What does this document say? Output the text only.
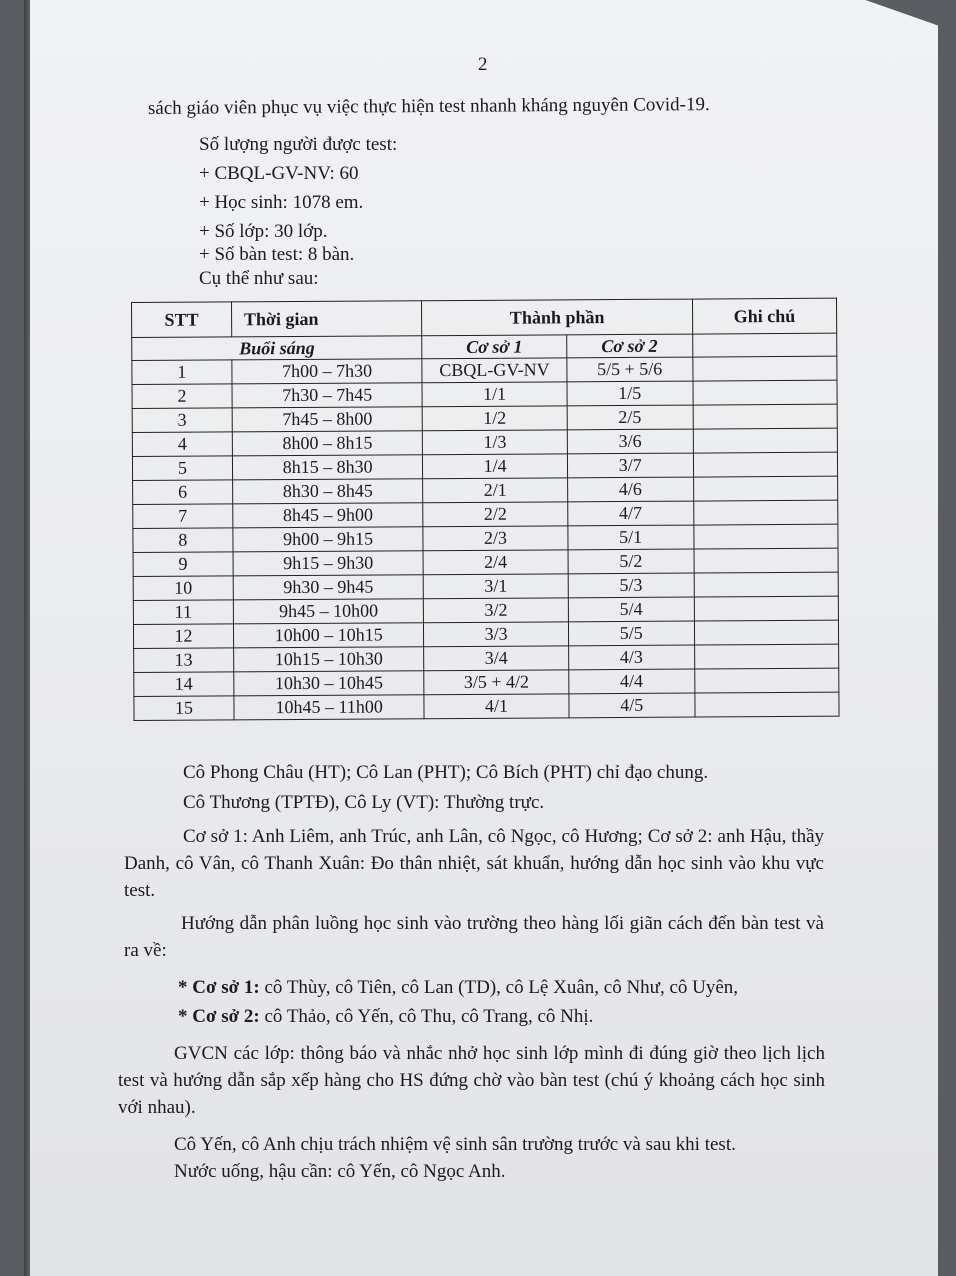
2
sách giáo viên phục vụ việc thực hiện test nhanh kháng nguyên Covid-19.
Số lượng người được test:
+ CBQL-GV-NV: 60
+ Học sinh: 1078 em.
+ Số lớp: 30 lớp.
+ Số bàn test: 8 bàn.
Cụ thể như sau:
STT	Thời gian	Thành phần		Ghi chú
Buổi sáng		Cơ sở 1	Cơ sở 2	
1	7h00 – 7h30	CBQL-GV-NV	5/5 + 5/6	
2	7h30 – 7h45	1/1	1/5	
3	7h45 – 8h00	1/2	2/5	
4	8h00 – 8h15	1/3	3/6	
5	8h15 – 8h30	1/4	3/7	
6	8h30 – 8h45	2/1	4/6	
7	8h45 – 9h00	2/2	4/7	
8	9h00 – 9h15	2/3	5/1	
9	9h15 – 9h30	2/4	5/2	
10	9h30 – 9h45	3/1	5/3	
11	9h45 – 10h00	3/2	5/4	
12	10h00 – 10h15	3/3	5/5	
13	10h15 – 10h30	3/4	4/3	
14	10h30 – 10h45	3/5 + 4/2	4/4	
15	10h45 – 11h00	4/1	4/5	
Cô Phong Châu (HT); Cô Lan (PHT); Cô Bích (PHT) chỉ đạo chung.
Cô Thương (TPTĐ), Cô Ly (VT): Thường trực.
Cơ sở 1: Anh Liêm, anh Trúc, anh Lân, cô Ngọc, cô Hương; Cơ sở 2: anh Hậu, thầy Danh, cô Vân, cô Thanh Xuân: Đo thân nhiệt, sát khuẩn, hướng dẫn học sinh vào khu vực test.
Hướng dẫn phân luồng học sinh vào trường theo hàng lối giãn cách đến bàn test và ra về:
* Cơ sở 1: cô Thùy, cô Tiên, cô Lan (TD), cô Lệ Xuân, cô Như, cô Uyên,
* Cơ sở 2: cô Thảo, cô Yến, cô Thu, cô Trang, cô Nhị.
GVCN các lớp: thông báo và nhắc nhở học sinh lớp mình đi đúng giờ theo lịch lịch test và hướng dẫn sắp xếp hàng cho HS đứng chờ vào bàn test (chú ý khoảng cách học sinh với nhau).
Cô Yến, cô Anh chịu trách nhiệm vệ sinh sân trường trước và sau khi test.
Nước uống, hậu cần: cô Yến, cô Ngọc Anh.
